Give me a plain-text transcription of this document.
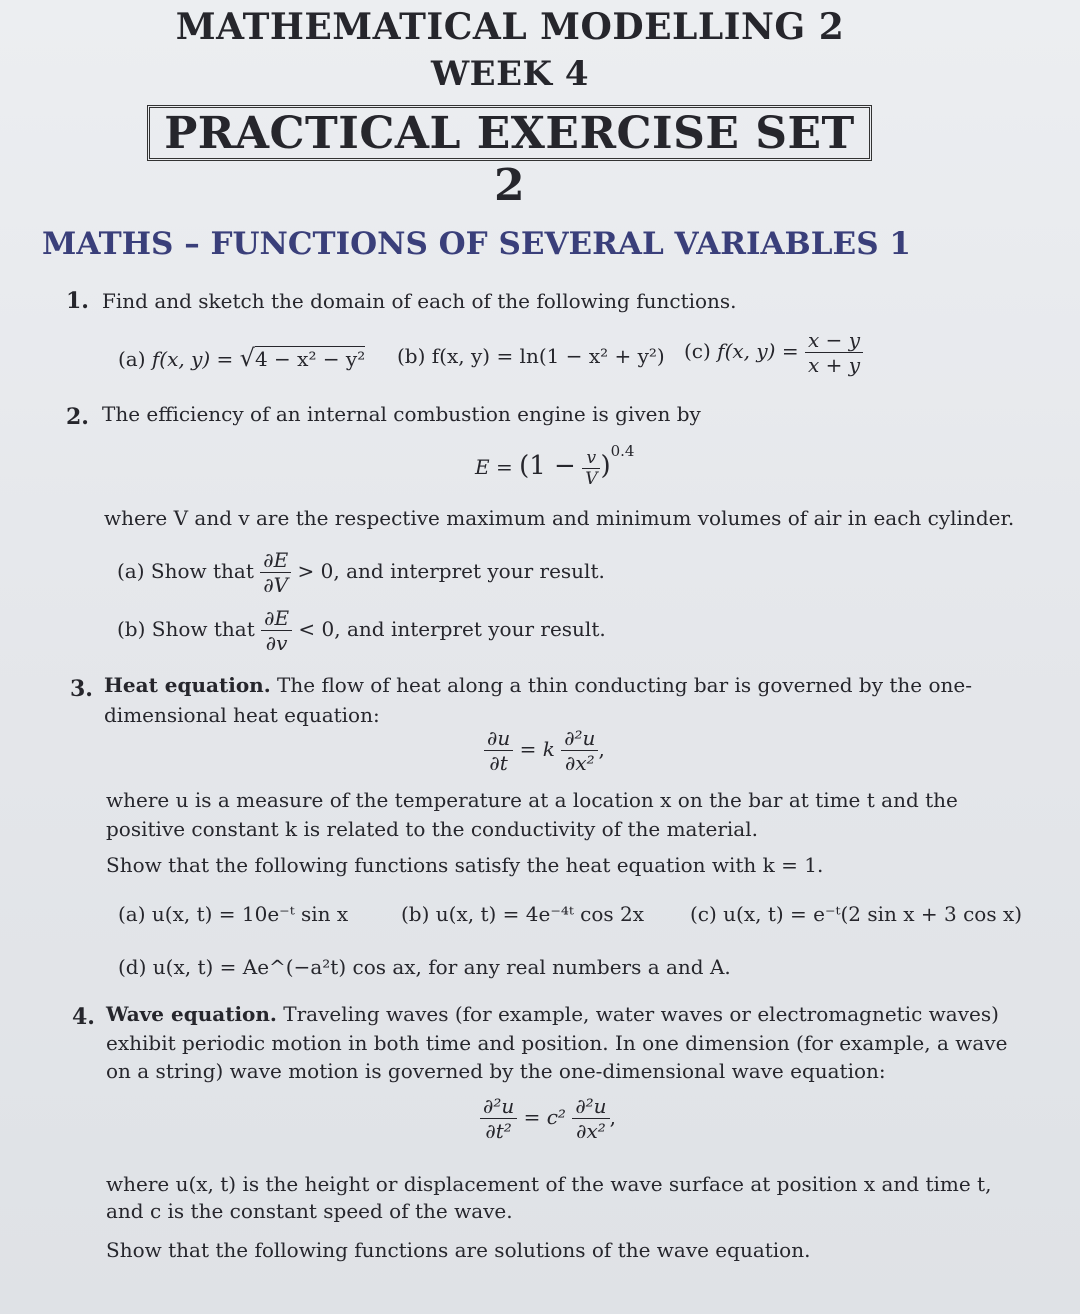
MATHEMATICAL MODELLING 2
WEEK 4
PRACTICAL EXERCISE SET 2
MATHS – FUNCTIONS OF SEVERAL VARIABLES 1
1. Find and sketch the domain of each of the following functions.
(a) f(x, y) = √4 − x² − y² (b) f(x, y) = ln(1 − x² + y²) (c) f(x, $y) = \frac{x - y}{x + y}$
2. The efficiency of an internal combustion engine is given by
$E = (1 - \frac{v}{V} )^{0.4}$
where V and v are the respective maximum and minimum volumes of air in each cylinder.
(a) Show that $\frac{\partial E}{\partial V} > 0$, and interpret your result.
(b) Show that $\frac{\partial E}{\partial v} < 0$, and interpret your result.
3. Heat equation. The flow of heat along a thin conducting bar is governed by the one-
dimensional heat equation:
$\frac{\partial u}{\partial t} = k \frac{\text{∂²u}}{\text{∂x²}}$ ,
where u is a measure of the temperature at a location x on the bar at time t and the
positive constant k is related to the conductivity of the material.
Show that the following functions satisfy the heat equation with k = 1.
(a) u(x, t) = 10e⁻ᵗ sin x	(b) u(x, t) = 4e⁻⁴ᵗ cos 2x (c) u(x, t) = e⁻ᵗ(2 sin x + 3 cos x)
(d) u(x, t) = Ae^(−a²t) cos ax, for any real numbers a and A.
4. Wave equation. Traveling waves (for example, water waves or electromagnetic waves)
exhibit periodic motion in both time and position. In one dimension (for example, a wave
on a string) wave motion is governed by the one-dimensional wave equation:
$\frac{\text{∂²u}}{\text{∂t²}} = c^2 \frac{\text{∂²u}}{\text{∂x²}}$ ,
where u(x, t) is the height or displacement of the wave surface at position x and time t,
and c is the constant speed of the wave.
Show that the following functions are solutions of the wave equation.
